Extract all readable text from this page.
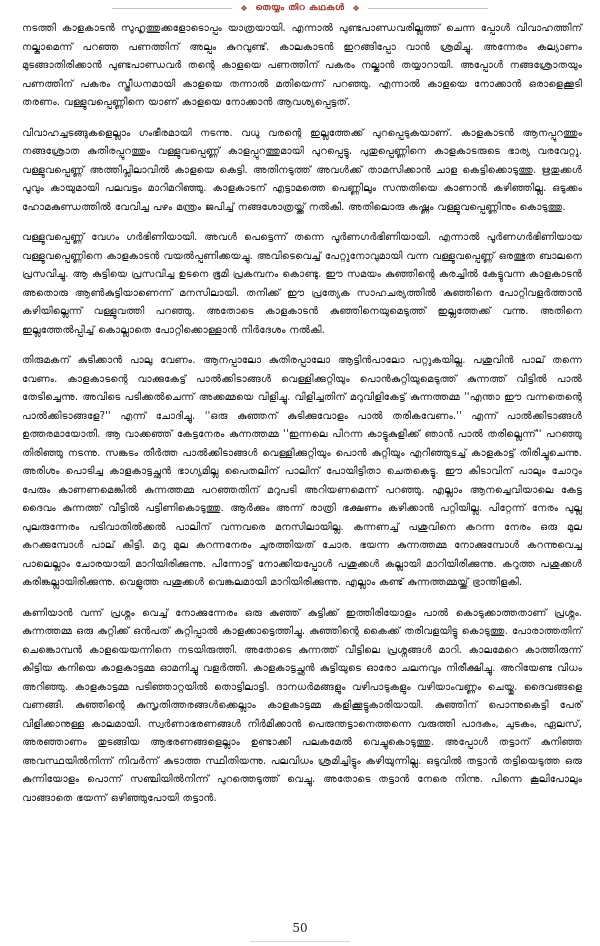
❖ തെയ്യം തിറ കഥകൾ ❖

നടത്തി കാളകാടൻ സുഹൃത്തുക്കളോടൊപ്പം യാത്രയായി. എന്നാൽ പുണ്ടപാണ്ഡവരില്ലത്ത് ചെന്ന പ്പോൾ വിവാഹത്തിന് നല്കാമെന്ന് പറഞ്ഞ പണത്തിന് അല്പം കുറവുണ്ട്. കാലകാടൻ ഇറങ്ങിപ്പോ വാൻ ശ്രമിച്ചു. അന്നേരം കല്യാണം മുടങ്ങാതിരിക്കാൻ പുണ്ടപാണ്ഡവർ തന്റെ കാളയെ പണത്തിന് പകരം നല്കാൻ തയ്യാറായി. അപ്പോൾ നങ്ങശ്രോതയും പണത്തിന് പകരം സ്ത്രീധനമായി കാളയെ തന്നാൽ മതിയെന്ന് പറഞ്ഞു. എന്നാൽ കാളയെ നോക്കാൻ ഒരാളെക്കൂടി തരണം. വള്ളുവപ്പെണ്ണിനെ യാണ് കാളയെ നോക്കാൻ ആവശ്യപ്പെട്ടത്.

വിവാഹച്ചടങ്ങുകളെല്ലാം ഗംഭീരമായി നടന്നു. വധു വരന്റെ ഇല്ലത്തേക്ക് പുറപ്പെടുകയാണ്. കാളകാടൻ ആനപ്പുറത്തും നങ്ങശ്രോത കുതിരപ്പുറത്തും വള്ളുവപ്പെണ്ണ് കാളപ്പുറത്തുമായി പുറപ്പെട്ടു. പുതുപ്പെണ്ണിനെ കാളകാടരുടെ ഭാര്യ വരവേറ്റു. വള്ളുവപ്പെണ്ണ് അത്തിപ്ലിലാവിൽ കാളയെ കെട്ടി. അതിനടുത്ത് അവൾക്ക് താമസിക്കാൻ ചാള കെട്ടിക്കൊടുത്തു. ഋതുക്കൾ പൂവും കായുമായി പലവട്ടം മാറിമറിഞ്ഞു. കാളകാടന് എട്ടാമത്തെ പെണ്ണിലും സന്തതിയെ കാണാൻ കഴിഞ്ഞില്ല. ഒടുക്കം ഹോമകുണ്ഡത്തിൽ വേവിച്ച പഴം മന്ത്രം ജപിച്ച് നങ്ങശോത്രയ്ക്ക് നൽകി. അതിലൊരു കഷ്ണം വള്ളുവപ്പെണ്ണിനും കൊടുത്തു.

വള്ളുവപ്പെണ്ണ് വേഗം ഗർഭിണിയായി. അവൾ പെട്ടെന്ന് തന്നെ പൂർണഗർഭിണിയായി. എന്നാൽ പൂർണഗർഭിണിയായ വള്ളുവപ്പെണ്ണിനെ കാളകാടൻ വയൽപ്പണിക്കയച്ചു. അവിടെവെച്ച് പേറ്റുനോവുമായി വന്ന വള്ളുവപ്പെണ്ണ് ഒരത്ഭുത ബാലനെ പ്രസവിച്ചു. ആ കുട്ടിയെ പ്രസവിച്ച ഉടനെ ഭൂമി പ്രകമ്പനം കൊണ്ടു. ഈ സമയം കുഞ്ഞിന്റെ കരച്ചിൽ കേട്ടുവന്ന കാളകാടൻ അതൊരു ആൺകുട്ടിയാണെന്ന് മനസിലായി. തനിക്ക് ഈ പ്രത്യേക സാഹചര്യത്തിൽ കുഞ്ഞിനെ പോറ്റിവളർത്താൻ കഴിയില്ലെന്ന് വള്ളുവത്തി പറഞ്ഞു. അതോടെ കാളകാടൻ കുഞ്ഞിനെയുമെടുത്ത് ഇല്ലത്തേക്ക് വന്നു. അതിനെ ഇല്ലത്തേൽപ്പിച്ച് കൊല്ലാതെ പോറ്റിക്കൊള്ളാൻ നിർദേശം നൽകി.

തിരുമകന് കുടിക്കാൻ പാലു വേണം. ആനപ്പാലോ കുതിരപ്പാലോ ആട്ടിൻപാലോ പറ്റുകയില്ല. പശുവിൻ പാല് തന്നെ വേണം. കാളകാടന്റെ വാക്കുകേട്ട് പാൽക്കിടാങ്ങൾ വെള്ളിക്കുറ്റിയും പൊൻകുറ്റിയുമെടുത്ത് കുന്നത്ത് വീട്ടിൽ പാൽ തേടിച്ചെന്നു. അവിടെ പടിക്കൽചെന്ന് അക്കമ്മയെ വിളിച്ചു. വിളിച്ചതിന് മറുവിളികേട്ട് കുന്നത്തമ്മ ''എന്താ ഈ വന്നതെന്റെ പാൽക്കിടാങ്ങളേ?'' എന്ന് ചോദിച്ചു. ''ഒരു കുഞ്ഞന് കുടിക്കുവോളം പാൽ തരികവേണം.'' എന്ന് പാൽക്കിടാങ്ങൾ ഉത്തരമായോതി. ആ വാക്കഞ്ഞ് കേട്ടനേരം കുന്നത്തമ്മ ''ഇന്നലെ പിറന്ന കാട്ടുകുളിക്ക് ഞാൻ പാൽ തരില്ലെന്ന്'' പറഞ്ഞു തിരിഞ്ഞു നടന്നു. സങ്കടം തീർത്ത പാൽക്കിടാങ്ങൾ വെള്ളിക്കുറ്റിയും പൊൻ കുറ്റിയും എറിഞ്ഞുടച്ച് കാളകാട്ട് തിരിച്ചുചെന്നു. അരിശം പൊടിച്ച കാളകാട്ടച്ഛൻ ഭാഗ്യമില്ല പൈതലിന് പാലിന് പോയിട്ടിതാ ചെതകെട്ടു. ഈ കിടാവിന് പാലും ചോറും പേരും കാണണമെങ്കിൽ കുന്നത്തമ്മ പറഞ്ഞതിന് മറുപടി അറിയണമെന്ന് പറഞ്ഞു. എല്ലാം ആനച്ചെവിയാലെ കേട്ട ദൈവം കുന്നത്ത് വീട്ടിൽ പട്ടിണികൊടുത്തു. ആർക്കും അന്ന് രാത്രി ഭക്ഷണം കഴിക്കാൻ പറ്റിയില്ല. പിറ്റേന്ന് നേരം പുല്ല പുലരുന്നേരം പടിവാതിൽക്കൽ പാലിന് വന്നവരെ മനസിലായില്ല. കന്നണച്ച് പശുവിനെ കറന്ന നേരം ഒരു മുല കറക്കുമ്പോൾ പാല് കിട്ടി. മറു മുല കറന്നനേരം ചുരത്തിയത് ചോര. ഭയന്ന കുന്നത്തമ്മ നോക്കുമ്പോൾ കറന്നുവെച്ച പാലെല്ലാം ചോരയായി മാറിയിരിക്കുന്നു. പിന്നോട്ട് നോക്കിയപ്പോൾ പശുക്കൾ കല്ലായി മാറിയിരിക്കുന്നു. കറുത്ത പശുക്കൾ കരിങ്കല്ലായിരിക്കുന്നു. വെളുത്ത പശുക്കൾ വെങ്കലമായി മാറിയിരിക്കുന്നു. എല്ലാം കണ്ട് കുന്നത്തമ്മയ്ക്ക് ഭ്രാന്തിളകി.

കണിയാൻ വന്ന് പ്രശ്നം വെച്ച് നോക്കുന്നേരം ഒരു കുഞ്ഞ് കുട്ടിക്ക് ഇത്തിരിയോളം പാൽ കൊടുക്കാത്തതാണ് പ്രശ്നം. കുന്നത്തമ്മ ഒരു കുറ്റിക്ക് ഒൻപത് കുറ്റിപ്പാൽ കാളക്കാട്ടെത്തിച്ചു. കുഞ്ഞിന്റെ കൈക്ക് തരിവളയിട്ടു കൊടുത്തു. പോരാത്തതിന് ചെങ്കൊമ്പൻ കാളയെയന്നിനെ നടയിരുത്തി. അതോടെ കുന്നത്ത് വീട്ടിലെ പ്രശ്നങ്ങൾ മാറി. കാലമേറെ കാത്തിരുന്ന് കിട്ടിയ കനിയെ കാളകാട്ടമ്മ ഓമനിച്ചു വളർത്തി. കാളകാട്ടച്ഛൻ കുട്ടിയുടെ ഓരോ ചലനവും നിരീക്ഷിച്ചു. അറിയേണ്ട വിധം അറിഞ്ഞു. കാളകാട്ടമ്മ പടിഞ്ഞാറ്റയിൽ തൊട്ടിലാട്ടി. ദാനധർമങ്ങളും വഴിപാടുകളും വഴിയാംവണ്ണം ചെയ്തു. ദൈവങ്ങളെ വണങ്ങി. കുഞ്ഞിന്റെ കുസൃതിത്തരങ്ങൾക്കെല്ലാം കാളകാട്ടമ്മ കളിക്കൂട്ടുകാരിയായി. കുഞ്ഞിന് പൊന്നുകെട്ടി പേര് വിളിക്കാനുള്ള കാലമായി. സ്വർണാഭരണങ്ങൾ നിർമിക്കാൻ പെരുന്തട്ടാനെത്തന്നെ വരുത്തി പാദകം, ചുടകം, ഏലസ്, അരഞ്ഞാണം തുടങ്ങിയ ആഭരണങ്ങളെല്ലാം ഉണ്ടാക്കി പലകമേൽ വെച്ചുകൊടുത്തു. അപ്പോൾ തട്ടാന് കുനിഞ്ഞ അവസ്ഥയിൽനിന്ന് നിവർന്ന് കുടാത്ത സ്ഥിതിയന്നു. പലവിധം ശ്രമിച്ചിട്ടും കഴിയുന്നില്ല. ഒടുവിൽ തട്ടാൻ തട്ടിയെടുത്ത ഒരു കുന്നിയോളം പൊന്ന് സഞ്ചിയിൽനിന്ന് പുറത്തെടുത്ത് വെച്ചു. അതോടെ തട്ടാൻ നേരെ നിന്നു. പിന്നെ കൂലിപോലും വാങ്ങാതെ ഭയന്ന് ഒഴിഞ്ഞുപോയി തട്ടാൻ.

50
